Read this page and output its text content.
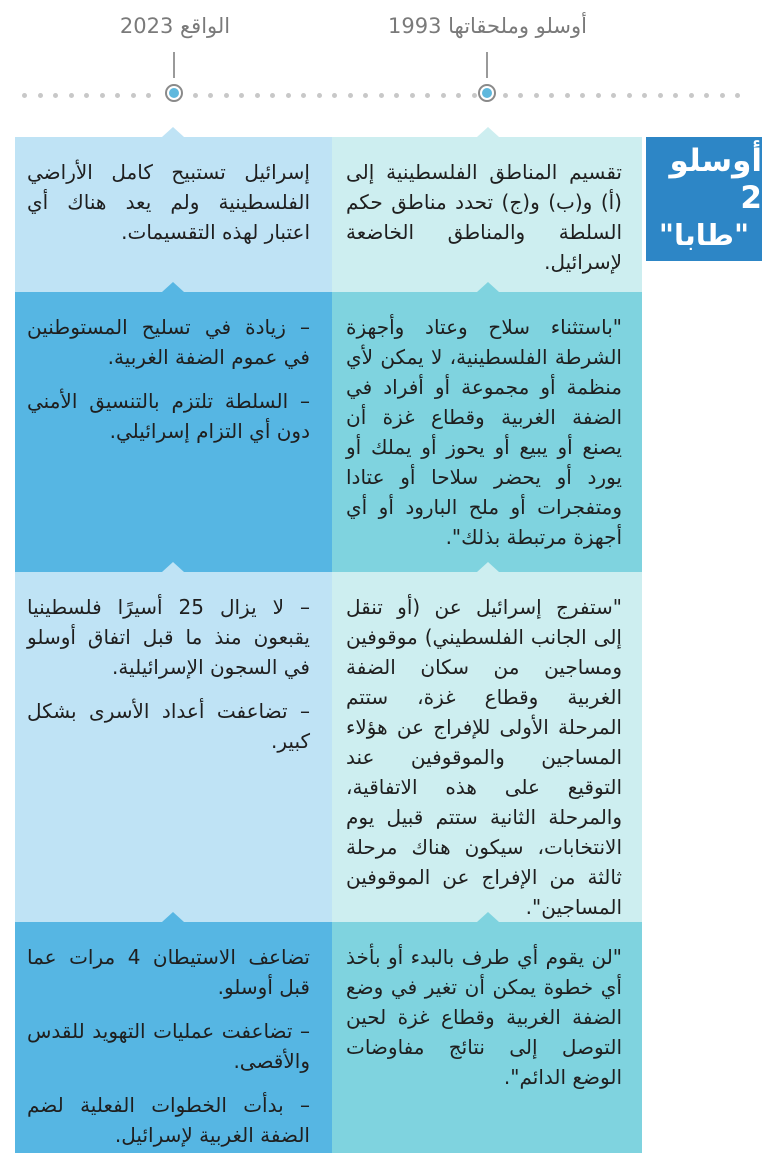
أوسلو وملحقاتها 1993
الواقع 2023
أوسلو 2
"طابا"

تقسيم المناطق الفلسطينية إلى (أ) و(ب) و(ج) تحدد مناطق حكم السلطة والمناطق الخاضعة لإسرائيل.

إسرائيل تستبيح كامل الأراضي الفلسطينية ولم يعد هناك أي اعتبار لهذه التقسيمات.

"باستثناء سلاح وعتاد وأجهزة الشرطة الفلسطينية، لا يمكن لأي منظمة أو مجموعة أو أفراد في الضفة الغربية وقطاع غزة أن يصنع أو يبيع أو يحوز أو يملك أو يورد أو يحضر سلاحا أو عتادا ومتفجرات أو ملح البارود أو أي أجهزة مرتبطة بذلك".

– زيادة في تسليح المستوطنين في عموم الضفة الغربية.

– السلطة تلتزم بالتنسيق الأمني دون أي التزام إسرائيلي.

"ستفرج إسرائيل عن (أو تنقل إلى الجانب الفلسطيني) موقوفين ومساجين من سكان الضفة الغربية وقطاع غزة، ستتم المرحلة الأولى للإفراج عن هؤلاء المساجين والموقوفين عند التوقيع على هذه الاتفاقية، والمرحلة الثانية ستتم قبيل يوم الانتخابات، سيكون هناك مرحلة ثالثة من الإفراج عن الموقوفين المساجين".

– لا يزال 25 أسيرًا فلسطينيا يقبعون منذ ما قبل اتفاق أوسلو في السجون الإسرائيلية.

– تضاعفت أعداد الأسرى بشكل كبير.

"لن يقوم أي طرف بالبدء أو بأخذ أي خطوة يمكن أن تغير في وضع الضفة الغربية وقطاع غزة لحين التوصل إلى نتائج مفاوضات الوضع الدائم".

تضاعف الاستيطان 4 مرات عما قبل أوسلو.

– تضاعفت عمليات التهويد للقدس والأقصى.

– بدأت الخطوات الفعلية لضم الضفة الغربية لإسرائيل.
